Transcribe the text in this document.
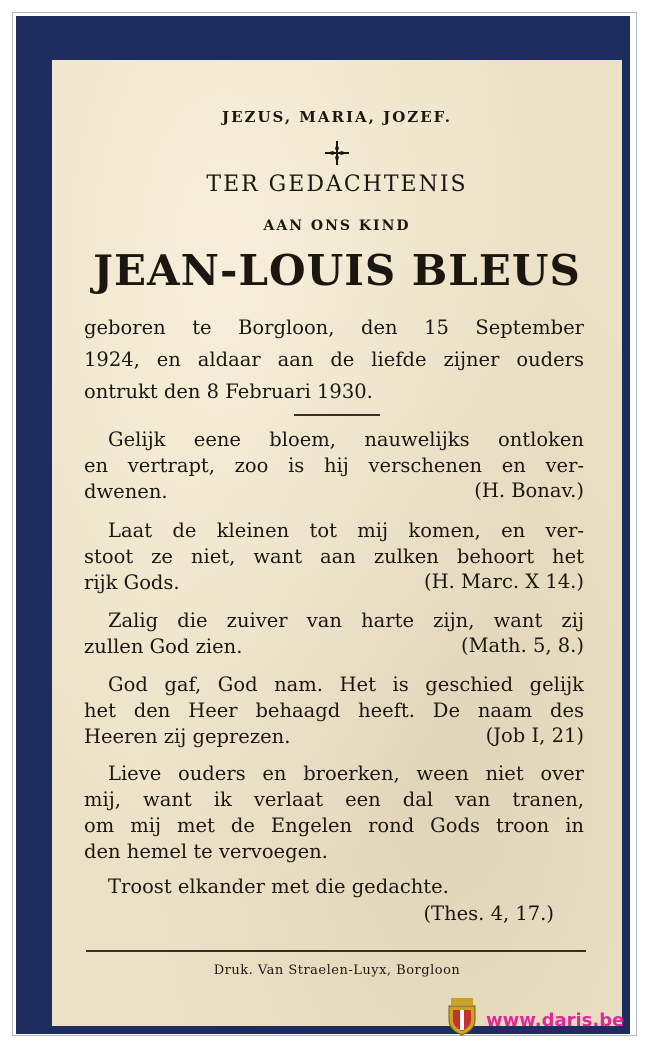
JEZUS, MARIA, JOZEF.
TER GEDACHTENIS
AAN ONS KIND
JEAN-LOUIS BLEUS
geboren te Borgloon, den 15 September
1924, en aldaar aan de liefde zijner ouders
ontrukt den 8 Februari 1930.
Gelijk eene bloem, nauwelijks ontloken
en vertrapt, zoo is hij verschenen en ver-
dwenen.	(H. Bonav.)
Laat de kleinen tot mij komen, en ver-
stoot ze niet, want aan zulken behoort het
rijk Gods.	(H. Marc. X 14.)
Zalig die zuiver van harte zijn, want zij
zullen God zien.	(Math. 5, 8.)
God gaf, God nam. Het is geschied gelijk
het den Heer behaagd heeft. De naam des
Heeren zij geprezen.	(Job I, 21)
Lieve ouders en broerken, ween niet over
mij, want ik verlaat een dal van tranen,
om mij met de Engelen rond Gods troon in
den hemel te vervoegen.
Troost elkander met die gedachte.
(Thes. 4, 17.)
Druk. Van Straelen-Luyx, Borgloon
www.daris.be
